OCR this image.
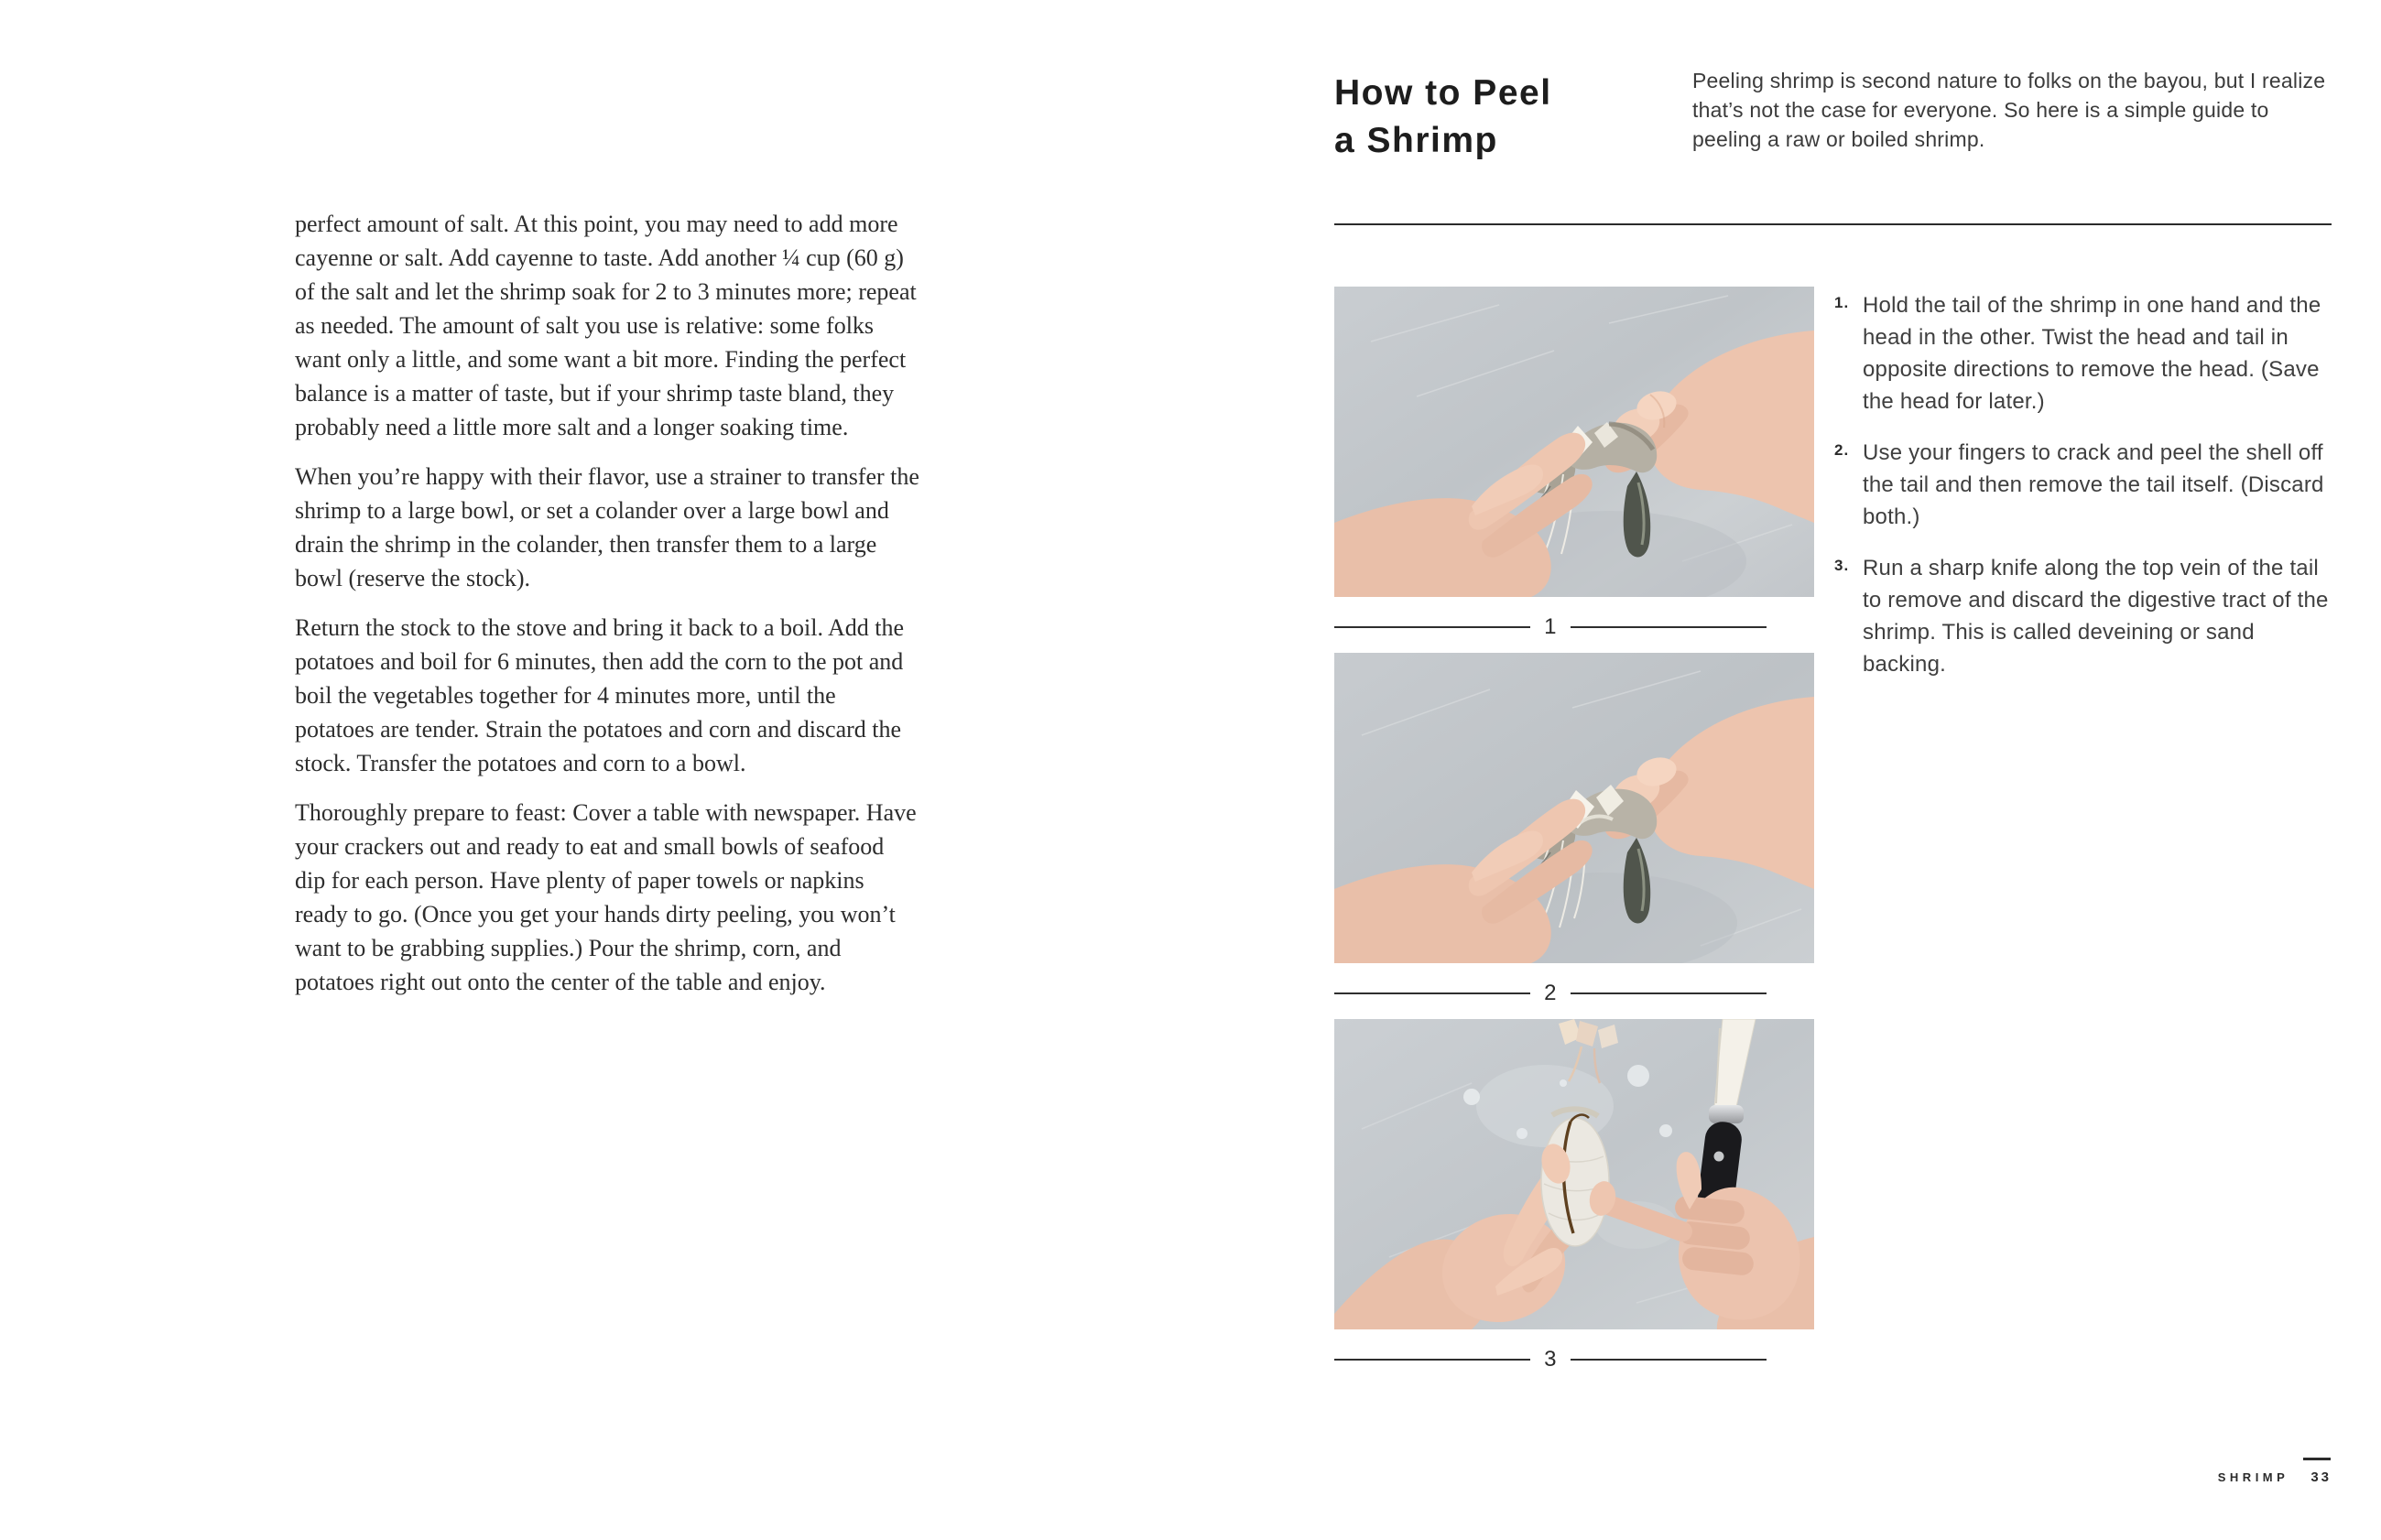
perfect amount of salt. At this point, you may need to add more cayenne or salt. Add cayenne to taste. Add another ¼ cup (60 g) of the salt and let the shrimp soak for 2 to 3 minutes more; repeat as needed. The amount of salt you use is relative: some folks want only a little, and some want a bit more. Finding the perfect balance is a matter of taste, but if your shrimp taste bland, they probably need a little more salt and a longer soaking time.

When you’re happy with their flavor, use a strainer to transfer the shrimp to a large bowl, or set a colander over a large bowl and drain the shrimp in the colander, then transfer them to a large bowl (reserve the stock).

Return the stock to the stove and bring it back to a boil. Add the potatoes and boil for 6 minutes, then add the corn to the pot and boil the vegetables together for 4 minutes more, until the potatoes are tender. Strain the potatoes and corn and discard the stock. Transfer the potatoes and corn to a bowl.

Thoroughly prepare to feast: Cover a table with newspaper. Have your crackers out and ready to eat and small bowls of seafood dip for each person. Have plenty of paper towels or napkins ready to go. (Once you get your hands dirty peeling, you won’t want to be grabbing supplies.) Pour the shrimp, corn, and potatoes right out onto the center of the table and enjoy.

How to Peel
a Shrimp
Peeling shrimp is second nature to folks on the bayou, but I realize that’s not the case for everyone. So here is a simple guide to peeling a raw or boiled shrimp.
1
2
3
1. Hold the tail of the shrimp in one hand and the head in the other. Twist the head and tail in opposite directions to remove the head. (Save the head for later.)
2. Use your fingers to crack and peel the shell off the tail and then remove the tail itself. (Discard both.)
3. Run a sharp knife along the top vein of the tail to remove and discard the digestive tract of the shrimp. This is called deveining or sand backing.
SHRIMP 33
